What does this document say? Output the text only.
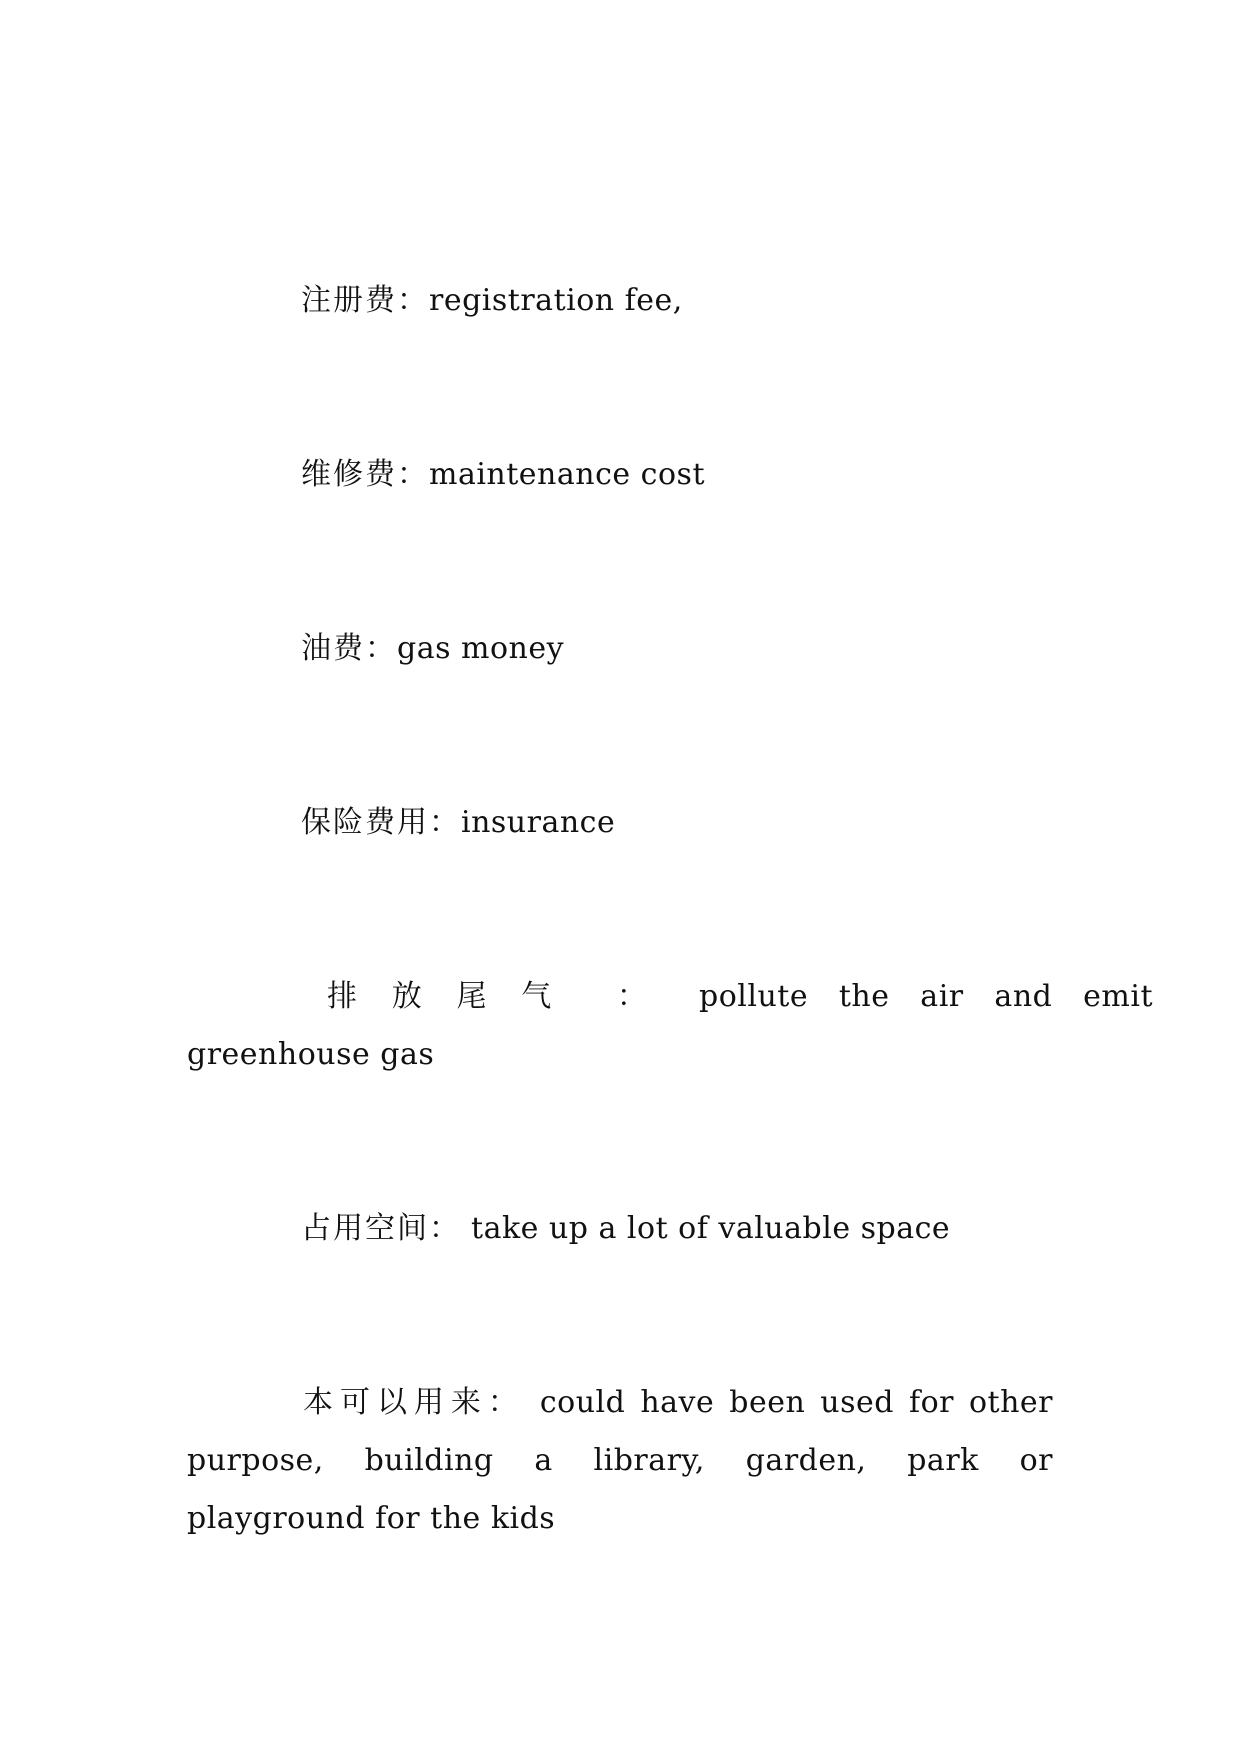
注册费：registration fee,
维修费：maintenance cost
油费：gas money
保险费用：insurance
排放尾气 ： pollute the air and emit
greenhouse gas
占用空间： take up a lot of valuable space
本可以用来： could have been used for other
purpose, building a library, garden, park or
playground for the kids
